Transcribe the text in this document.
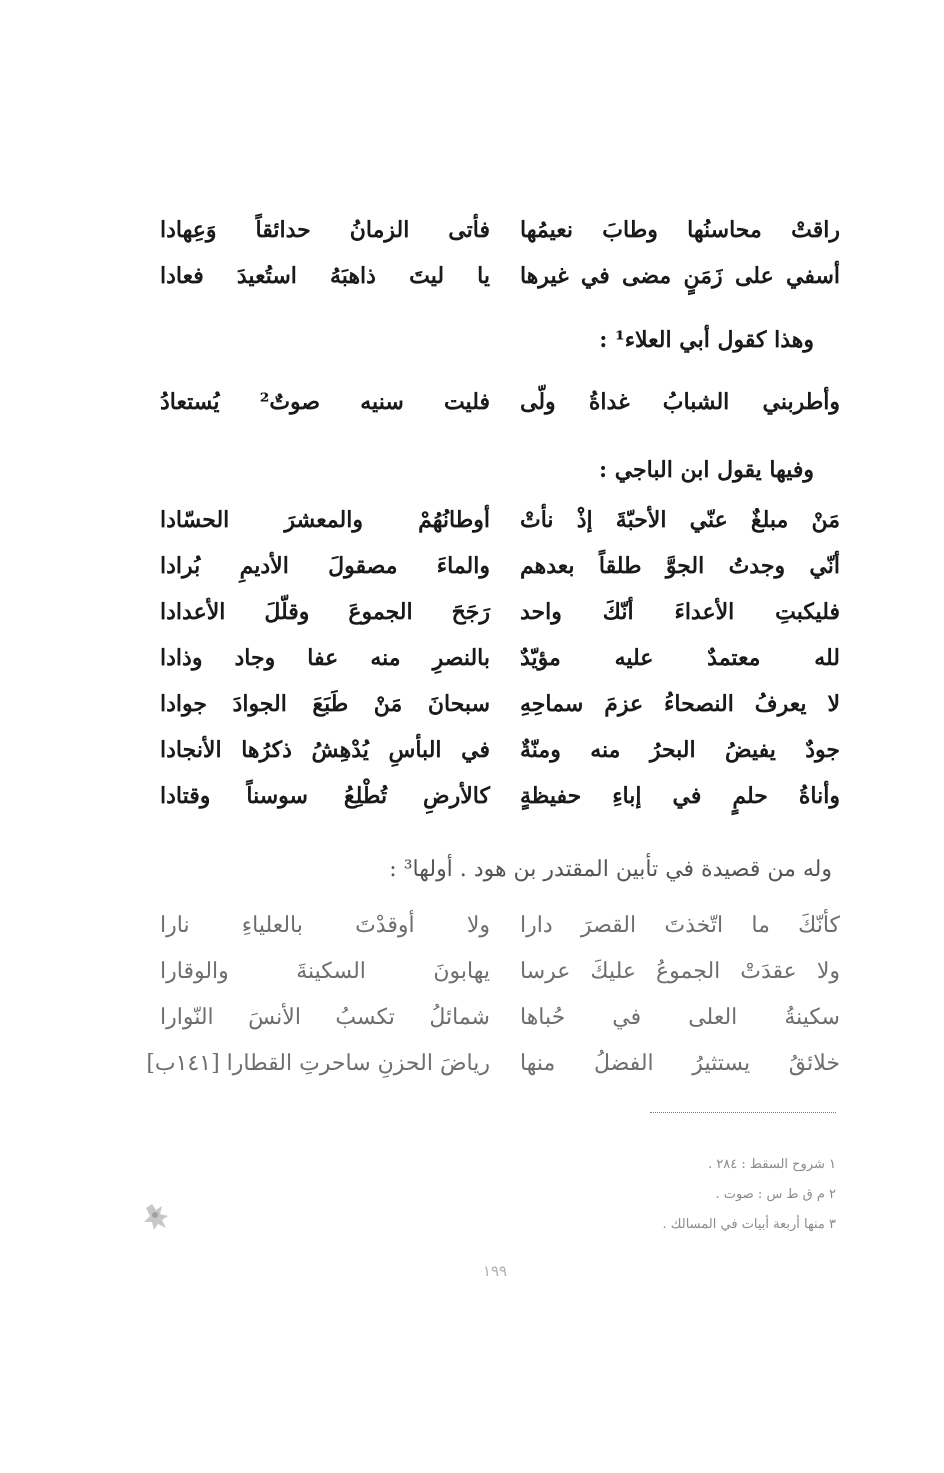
راقتْ محاسنُها وطابَ نعيمُها
فأتى الزمانُ حدائقاً وَعِهادا
أسفي على زَمَنٍ مضى في غيرها
يا ليتَ ذاهبَهُ استُعيدَ فعادا
وهذا كقول أبي العلاء¹ :
وأطربني الشبابُ غداةُ ولّى
فليت سنيه صوتٌ² يُستعادُ
وفيها يقول ابن الباجي :
مَنْ مبلغٌ عنّي الأحبّةَ إذْ نأتْ
أوطانُهُمْ والمعشرَ الحسّادا
أنّي وجدتُ الجوَّ طلقاً بعدهم
والماءَ مصقولَ الأديمِ بُرادا
فليكبتِ الأعداءَ أنّكَ واحد
رَجَحَ الجموعَ وقلّلَ الأعدادا
لله معتمدٌ عليه مؤيّدٌ
بالنصرِ منه عفا وجاد وذادا
لا يعرفُ النصحاءُ عزمَ سماحِهِ
سبحانَ مَنْ طَبَعَ الجوادَ جوادا
جودٌ يفيضُ البحرُ منه ومنّةٌ
في البأسِ يُدْهِشُ ذكرُها الأنجادا
وأناةُ حلمٍ في إباءِ حفيظةٍ
كالأرضِ تُطْلِعُ سوسناً وقتادا
وله من قصيدة في تأبين المقتدر بن هود . أولها³ :
كأنّكَ ما اتّخذتَ القصرَ دارا
ولا أوقدْتَ بالعلياءِ نارا
ولا عقدَتْ الجموعُ عليكَ عرسا
يهابونَ السكينةَ والوقارا
سكينةُ العلى في حُباها
شمائلُ تكسبُ الأنسَ النّوارا
خلائقُ يستثيرُ الفضلُ منها
رياضَ الحزنِ ساحرتِ القطارا [١٤١ب]
١ شروح السقط : ٢٨٤ .
٢ م ق ط س : صوت .
٣ منها أربعة أبيات في المسالك .
١٩٩
